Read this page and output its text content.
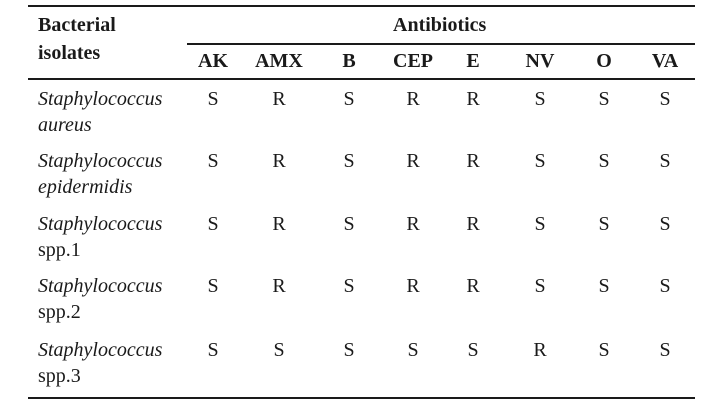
Bacterial
isolates
Antibiotics
AK	AMX	B	CEP	E	NV	O	VA
Staphylococcus
aureus
S	R	S	R	R	S	S	S
Staphylococcus
epidermidis
S	R	S	R	R	S	S	S
Staphylococcus
spp.1
S	R	S	R	R	S	S	S
Staphylococcus
spp.2
S	R	S	R	R	S	S	S
Staphylococcus
spp.3
S	S	S	S	S	R	S	S
